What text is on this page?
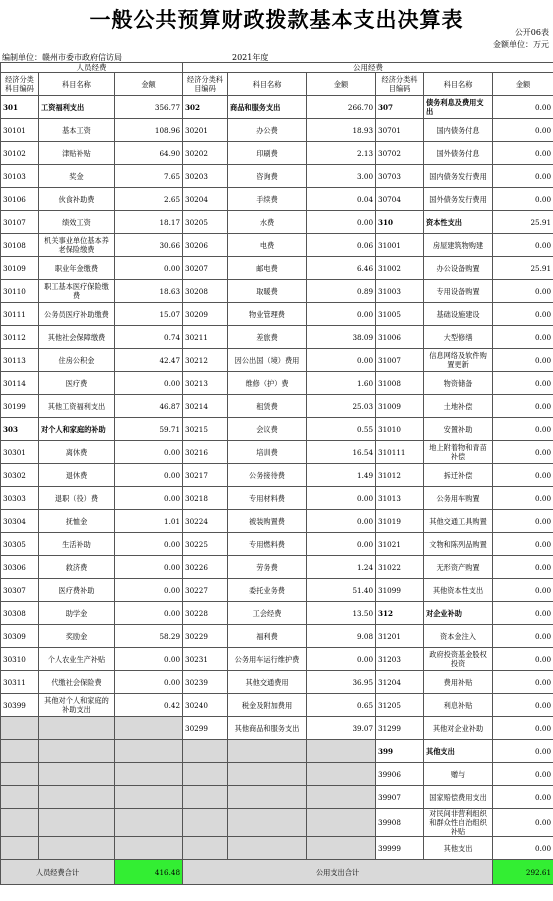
一般公共预算财政拨款基本支出决算表
公开06表
金额单位：万元
编制单位：赣州市委市政府信访局	2021年度
人员经费			公用经费					
经济分类科目编码	科目名称	金额	经济分类科目编码	科目名称	金额	经济分类科目编码	科目名称	金额
301	工资福利支出	356.77	302	商品和服务支出	266.70	307	债务利息及费用支出	0.00
30101	基本工资	108.96	30201	办公费	18.93	30701	国内债务付息	0.00
30102	津贴补贴	64.90	30202	印刷费	2.13	30702	国外债务付息	0.00
30103	奖金	7.65	30203	咨询费	3.00	30703	国内债务发行费用	0.00
30106	伙食补助费	2.65	30204	手续费	0.04	30704	国外债务发行费用	0.00
30107	绩效工资	18.17	30205	水费	0.00	310	资本性支出	25.91
30108	机关事业单位基本养老保险缴费	30.66	30206	电费	0.06	31001	房屋建筑物购建	0.00
30109	职业年金缴费	0.00	30207	邮电费	6.46	31002	办公设备购置	25.91
30110	职工基本医疗保险缴费	18.63	30208	取暖费	0.89	31003	专用设备购置	0.00
30111	公务员医疗补助缴费	15.07	30209	物业管理费	0.00	31005	基础设施建设	0.00
30112	其他社会保障缴费	0.74	30211	差旅费	38.09	31006	大型修缮	0.00
30113	住房公积金	42.47	30212	因公出国（境）费用	0.00	31007	信息网络及软件购置更新	0.00
30114	医疗费	0.00	30213	维修（护）费	1.60	31008	物资储备	0.00
30199	其他工资福利支出	46.87	30214	租赁费	25.03	31009	土地补偿	0.00
303	对个人和家庭的补助	59.71	30215	会议费	0.55	31010	安置补助	0.00
30301	离休费	0.00	30216	培训费	16.54	310111	地上附着物和青苗补偿	0.00
30302	退休费	0.00	30217	公务接待费	1.49	31012	拆迁补偿	0.00
30303	退职（役）费	0.00	30218	专用材料费	0.00	31013	公务用车购置	0.00
30304	抚恤金	1.01	30224	被装购置费	0.00	31019	其他交通工具购置	0.00
30305	生活补助	0.00	30225	专用燃料费	0.00	31021	文物和陈列品购置	0.00
30306	救济费	0.00	30226	劳务费	1.24	31022	无形资产购置	0.00
30307	医疗费补助	0.00	30227	委托业务费	51.40	31099	其他资本性支出	0.00
30308	助学金	0.00	30228	工会经费	13.50	312	对企业补助	0.00
30309	奖励金	58.29	30229	福利费	9.08	31201	资本金注入	0.00
30310	个人农业生产补贴	0.00	30231	公务用车运行维护费	0.00	31203	政府投资基金股权投资	0.00
30311	代缴社会保险费	0.00	30239	其他交通费用	36.95	31204	费用补贴	0.00
30399	其他对个人和家庭的补助支出	0.42	30240	税金及附加费用	0.65	31205	利息补贴	0.00
			30299	其他商品和服务支出	39.07	31299	其他对企业补助	0.00
						399	其他支出	0.00
						39906	赠与	0.00
						39907	国家赔偿费用支出	0.00
						39908	对民间非营利组织和群众性自治组织补贴	0.00
						39999	其他支出	0.00
人员经费合计		416.48	公用支出合计					292.61
